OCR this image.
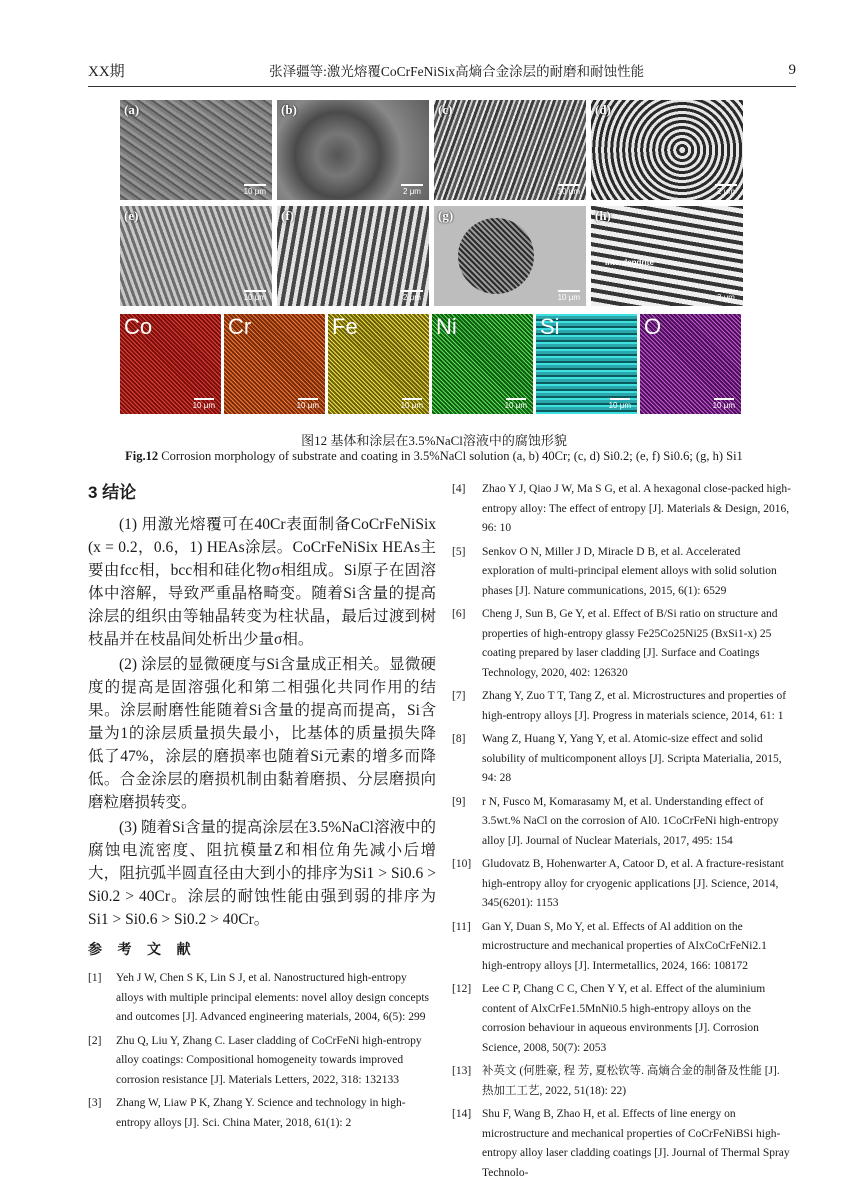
XX期	张泽疆等:激光熔覆CoCrFeNiSix高熵合金涂层的耐磨和耐蚀性能	9
(a)
10 μm
(b)
2 μm
(c)
10 μm
(d)
2 μm
(e)
10 μm
(f)
2 μm
(g)
10 μm
(h)
Interdendrite
2 μm
Co
10 μm
Cr
10 μm
Fe
10 μm
Ni
10 μm
Si
10 μm
O
10 μm
图12 基体和涂层在3.5%NaCl溶液中的腐蚀形貌
Fig.12 Corrosion morphology of substrate and coating in 3.5%NaCl solution (a, b) 40Cr; (c, d) Si0.2; (e, f) Si0.6; (g, h) Si1
3 结论

(1) 用激光熔覆可在40Cr表面制备CoCrFeNiSix (x = 0.2，0.6，1) HEAs涂层。CoCrFeNiSix HEAs主要由fcc相，bcc相和硅化物σ相组成。Si原子在固溶体中溶解，导致严重晶格畸变。随着Si含量的提高涂层的组织由等轴晶转变为柱状晶，最后过渡到树枝晶并在枝晶间处析出少量σ相。

(2) 涂层的显微硬度与Si含量成正相关。显微硬度的提高是固溶强化和第二相强化共同作用的结果。涂层耐磨性能随着Si含量的提高而提高，Si含量为1的涂层质量损失最小，比基体的质量损失降低了47%，涂层的磨损率也随着Si元素的增多而降低。合金涂层的磨损机制由黏着磨损、分层磨损向磨粒磨损转变。

(3) 随着Si含量的提高涂层在3.5%NaCl溶液中的腐蚀电流密度、阻抗模量Z和相位角先减小后增大，阻抗弧半圆直径由大到小的排序为Si1 > Si0.6 > Si0.2 > 40Cr。涂层的耐蚀性能由强到弱的排序为Si1 > Si0.6 > Si0.2 > 40Cr。

参 考 文 献
[1] Yeh J W, Chen S K, Lin S J, et al. Nanostructured high-entropy alloys with multiple principal elements: novel alloy design concepts and outcomes [J]. Advanced engineering materials, 2004, 6(5): 299
[2] Zhu Q, Liu Y, Zhang C. Laser cladding of CoCrFeNi high-entropy alloy coatings: Compositional homogeneity towards improved corrosion resistance [J]. Materials Letters, 2022, 318: 132133
[3] Zhang W, Liaw P K, Zhang Y. Science and technology in high-entropy alloys [J]. Sci. China Mater, 2018, 61(1): 2
[4] Zhao Y J, Qiao J W, Ma S G, et al. A hexagonal close-packed high-entropy alloy: The effect of entropy [J]. Materials & Design, 2016, 96: 10
[5] Senkov O N, Miller J D, Miracle D B, et al. Accelerated exploration of multi-principal element alloys with solid solution phases [J]. Nature communications, 2015, 6(1): 6529
[6] Cheng J, Sun B, Ge Y, et al. Effect of B/Si ratio on structure and properties of high-entropy glassy Fe25Co25Ni25 (BxSi1-x) 25 coating prepared by laser cladding [J]. Surface and Coatings Technology, 2020, 402: 126320
[7] Zhang Y, Zuo T T, Tang Z, et al. Microstructures and properties of high-entropy alloys [J]. Progress in materials science, 2014, 61: 1
[8] Wang Z, Huang Y, Yang Y, et al. Atomic-size effect and solid solubility of multicomponent alloys [J]. Scripta Materialia, 2015, 94: 28
[9] r N, Fusco M, Komarasamy M, et al. Understanding effect of 3.5wt.% NaCl on the corrosion of Al0. 1CoCrFeNi high-entropy alloy [J]. Journal of Nuclear Materials, 2017, 495: 154
[10] Gludovatz B, Hohenwarter A, Catoor D, et al. A fracture-resistant high-entropy alloy for cryogenic applications [J]. Science, 2014, 345(6201): 1153
[11] Gan Y, Duan S, Mo Y, et al. Effects of Al addition on the microstructure and mechanical properties of AlxCoCrFeNi2.1 high-entropy alloys [J]. Intermetallics, 2024, 166: 108172
[12] Lee C P, Chang C C, Chen Y Y, et al. Effect of the aluminium content of AlxCrFe1.5MnNi0.5 high-entropy alloys on the corrosion behaviour in aqueous environments [J]. Corrosion Science, 2008, 50(7): 2053
[13] 补英文 (何胜豪, 程 芳, 夏松钦等. 高熵合金的制备及性能 [J]. 热加工工艺, 2022, 51(18): 22)
[14] Shu F, Wang B, Zhao H, et al. Effects of line energy on microstructure and mechanical properties of CoCrFeNiBSi high-entropy alloy laser cladding coatings [J]. Journal of Thermal Spray Technolo-
